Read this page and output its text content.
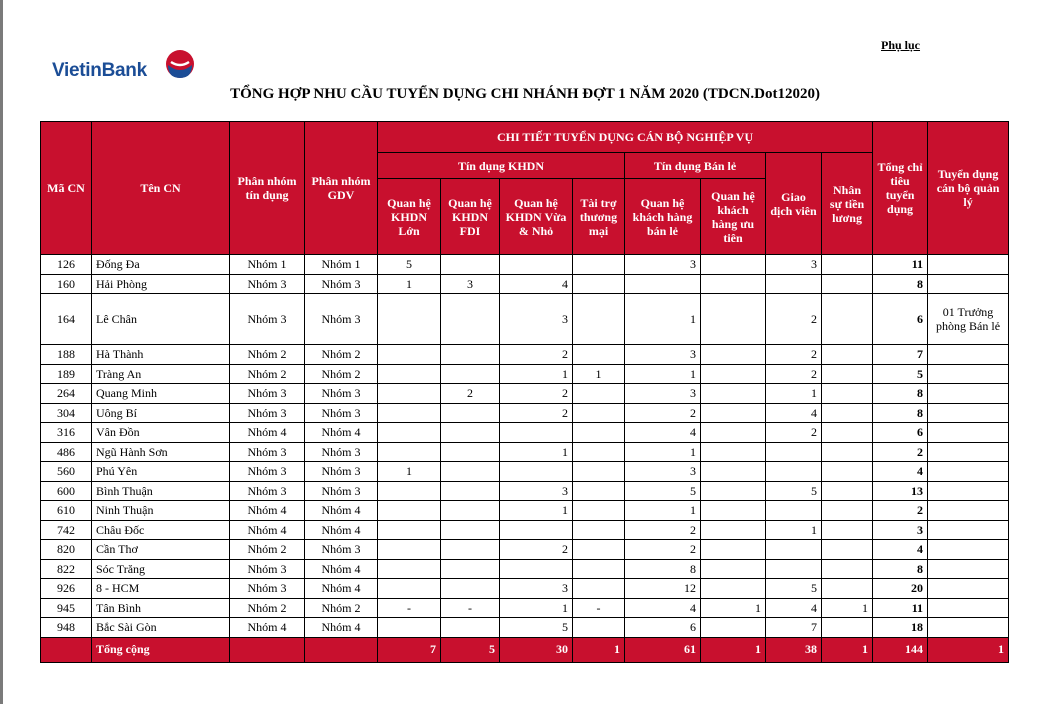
Phụ lục
VietinBank
TỔNG HỢP NHU CẦU TUYỂN DỤNG CHI NHÁNH ĐỢT 1 NĂM 2020 (TDCN.Dot12020)
Mã CN	Tên CN	Phân nhóm tín dụng	Phân nhóm GDV	CHI TIẾT TUYỂN DỤNG CÁN BỘ NGHIỆP VỤ								Tổng chỉ tiêu tuyển dụng	Tuyển dụng cán bộ quản lý
				Tín dụng KHDN				Tín dụng Bán lẻ		Giao dịch viên	Nhân sự tiền lương		
				Quan hệ KHDN Lớn	Quan hệ KHDN FDI	Quan hệ KHDN Vừa & Nhỏ	Tài trợ thương mại	Quan hệ khách hàng bán lẻ	Quan hệ khách hàng ưu tiên				
126	Đống Đa	Nhóm 1	Nhóm 1	5				3		3		11	
160	Hải Phòng	Nhóm 3	Nhóm 3	1	3	4						8	
164	Lê Chân	Nhóm 3	Nhóm 3			3		1		2		6	01 Trưởng phòng Bán lẻ
188	Hà Thành	Nhóm 2	Nhóm 2			2		3		2		7	
189	Tràng An	Nhóm 2	Nhóm 2			1	1	1		2		5	
264	Quang Minh	Nhóm 3	Nhóm 3		2	2		3		1		8	
304	Uông Bí	Nhóm 3	Nhóm 3			2		2		4		8	
316	Vân Đồn	Nhóm 4	Nhóm 4					4		2		6	
486	Ngũ Hành Sơn	Nhóm 3	Nhóm 3			1		1				2	
560	Phú Yên	Nhóm 3	Nhóm 3	1				3				4	
600	Bình Thuận	Nhóm 3	Nhóm 3			3		5		5		13	
610	Ninh Thuận	Nhóm 4	Nhóm 4			1		1				2	
742	Châu Đốc	Nhóm 4	Nhóm 4					2		1		3	
820	Cần Thơ	Nhóm 2	Nhóm 3			2		2				4	
822	Sóc Trăng	Nhóm 3	Nhóm 4					8				8	
926	8 - HCM	Nhóm 3	Nhóm 4			3		12		5		20	
945	Tân Bình	Nhóm 2	Nhóm 2	-	-	1	-	4	1	4	1	11	
948	Bắc Sài Gòn	Nhóm 4	Nhóm 4			5		6		7		18	
	Tổng cộng			7	5	30	1	61	1	38	1	144	1
